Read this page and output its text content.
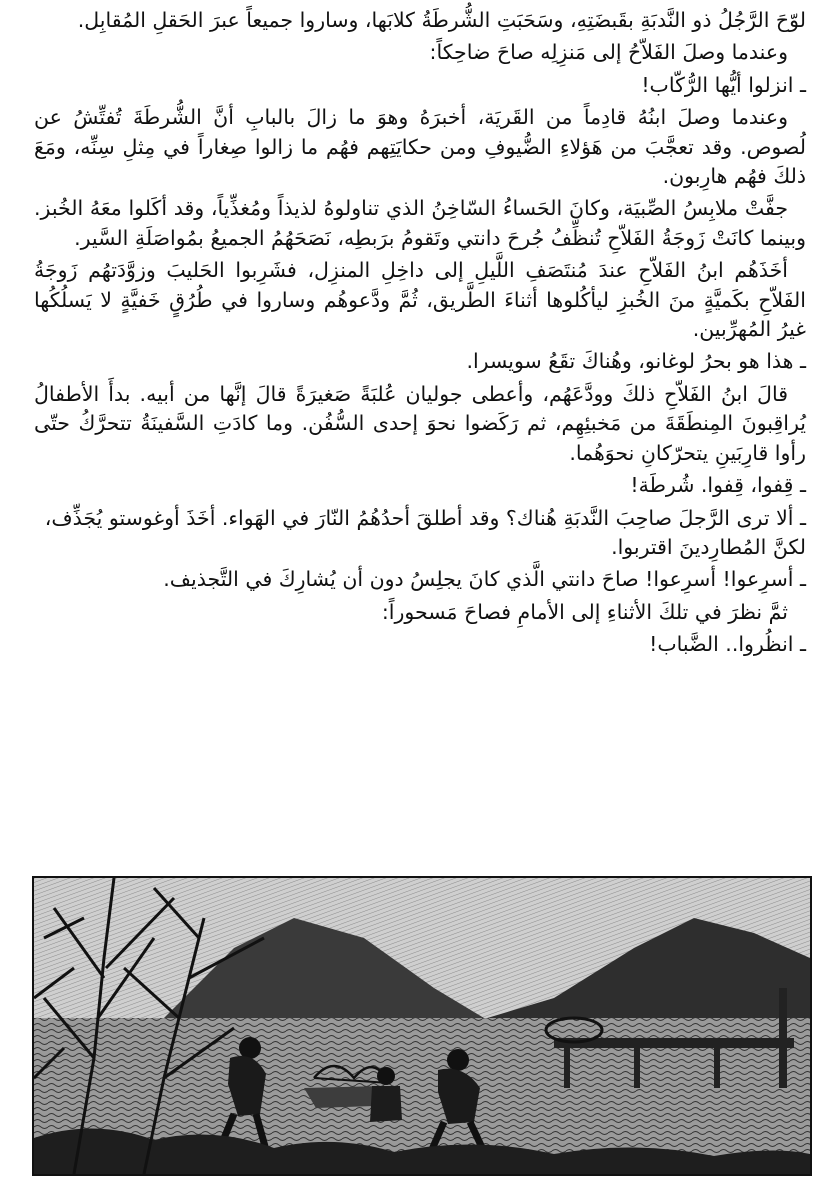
لوّحَ الرَّجُلُ ذو النَّدبَةِ بقَبضَتِهِ، وسَحَبَتِ الشُّرطَةُ كلابَها، وساروا جميعاً عبرَ الحَقلِ المُقابِل.

وعندما وصلَ الفَلاّحُ إلى مَنزِلِه صاحَ ضاحِكاً:

ـ انزلوا أيُّها الرُّكّاب!

وعندما وصلَ ابنُهُ قادِماً من القَريَة، أخبرَهُ وهوَ ما زالَ بالبابِ أنَّ الشُّرطَةَ تُفتِّشُ عن لُصوص. وقد تعجَّبَ من هَؤلاءِ الضُّيوفِ ومن حكايَتِهم فهُم ما زالوا صِغاراً في مِثلِ سِنِّه، ومَعَ ذلكَ فهُم هارِبون.

جفَّتْ ملابِسُ الصِّبيَة، وكانَ الحَساءُ السّاخِنُ الذي تناولوهُ لذيذاً ومُغذِّياً، وقد أكَلوا معَهُ الخُبز. وبينما كانَتْ زَوجَةُ الفَلاّحِ تُنظِّفُ جُرحَ دانتي وتَقومُ برَبطِه، نَصَحَهُمُ الجميعُ بمُواصَلَةِ السَّير.

أخَذَهُم ابنُ الفَلاّحِ عندَ مُنتَصَفِ اللَّيلِ إلى داخِلِ المنزِل، فشَرِبوا الحَليبَ وزوَّدَتهُم زَوجَةُ الفَلاّحِ بكَميَّةٍ منَ الخُبزِ ليأكُلوها أثناءَ الطَّريق، ثُمَّ ودَّعوهُم وساروا في طُرُقٍ خَفيَّةٍ لا يَسلُكُها غيرُ المُهرِّبين.

ـ هذا هو بحرُ لوغانو، وهُناكَ تقَعُ سويسرا.

قالَ ابنُ الفَلاّحِ ذلكَ وودَّعَهُم، وأعطى جوليان عُلبَةً صَغيرَةً قالَ إنَّها من أبيه. بدأَ الأطفالُ يُراقِبونَ المِنطَقَةَ من مَخبئِهِم، ثم رَكَضوا نحوَ إحدى السُّفُن. وما كادَتِ السَّفينَةُ تتحرَّكُ حتّى رأوا قارِبَينِ يتحرّكانِ نحوَهُما.

ـ قِفوا، قِفوا. شُرطَة!

ـ ألا ترى الرَّجلَ صاحِبَ النَّدبَةِ هُناك؟ وقد أطلقَ أحدُهُمُ النّارَ في الهَواء. أخَذَ أوغوستو يُجَذِّف، لكنَّ المُطارِدينَ اقتربوا.

ـ أسرِعوا! أسرِعوا! صاحَ دانتي الَّذي كانَ يجلِسُ دون أن يُشارِكَ في التَّجذيف.

ثمَّ نظرَ في تلكَ الأثناءِ إلى الأمامِ فصاحَ مَسحوراً:

ـ انظُروا.. الضَّباب!
